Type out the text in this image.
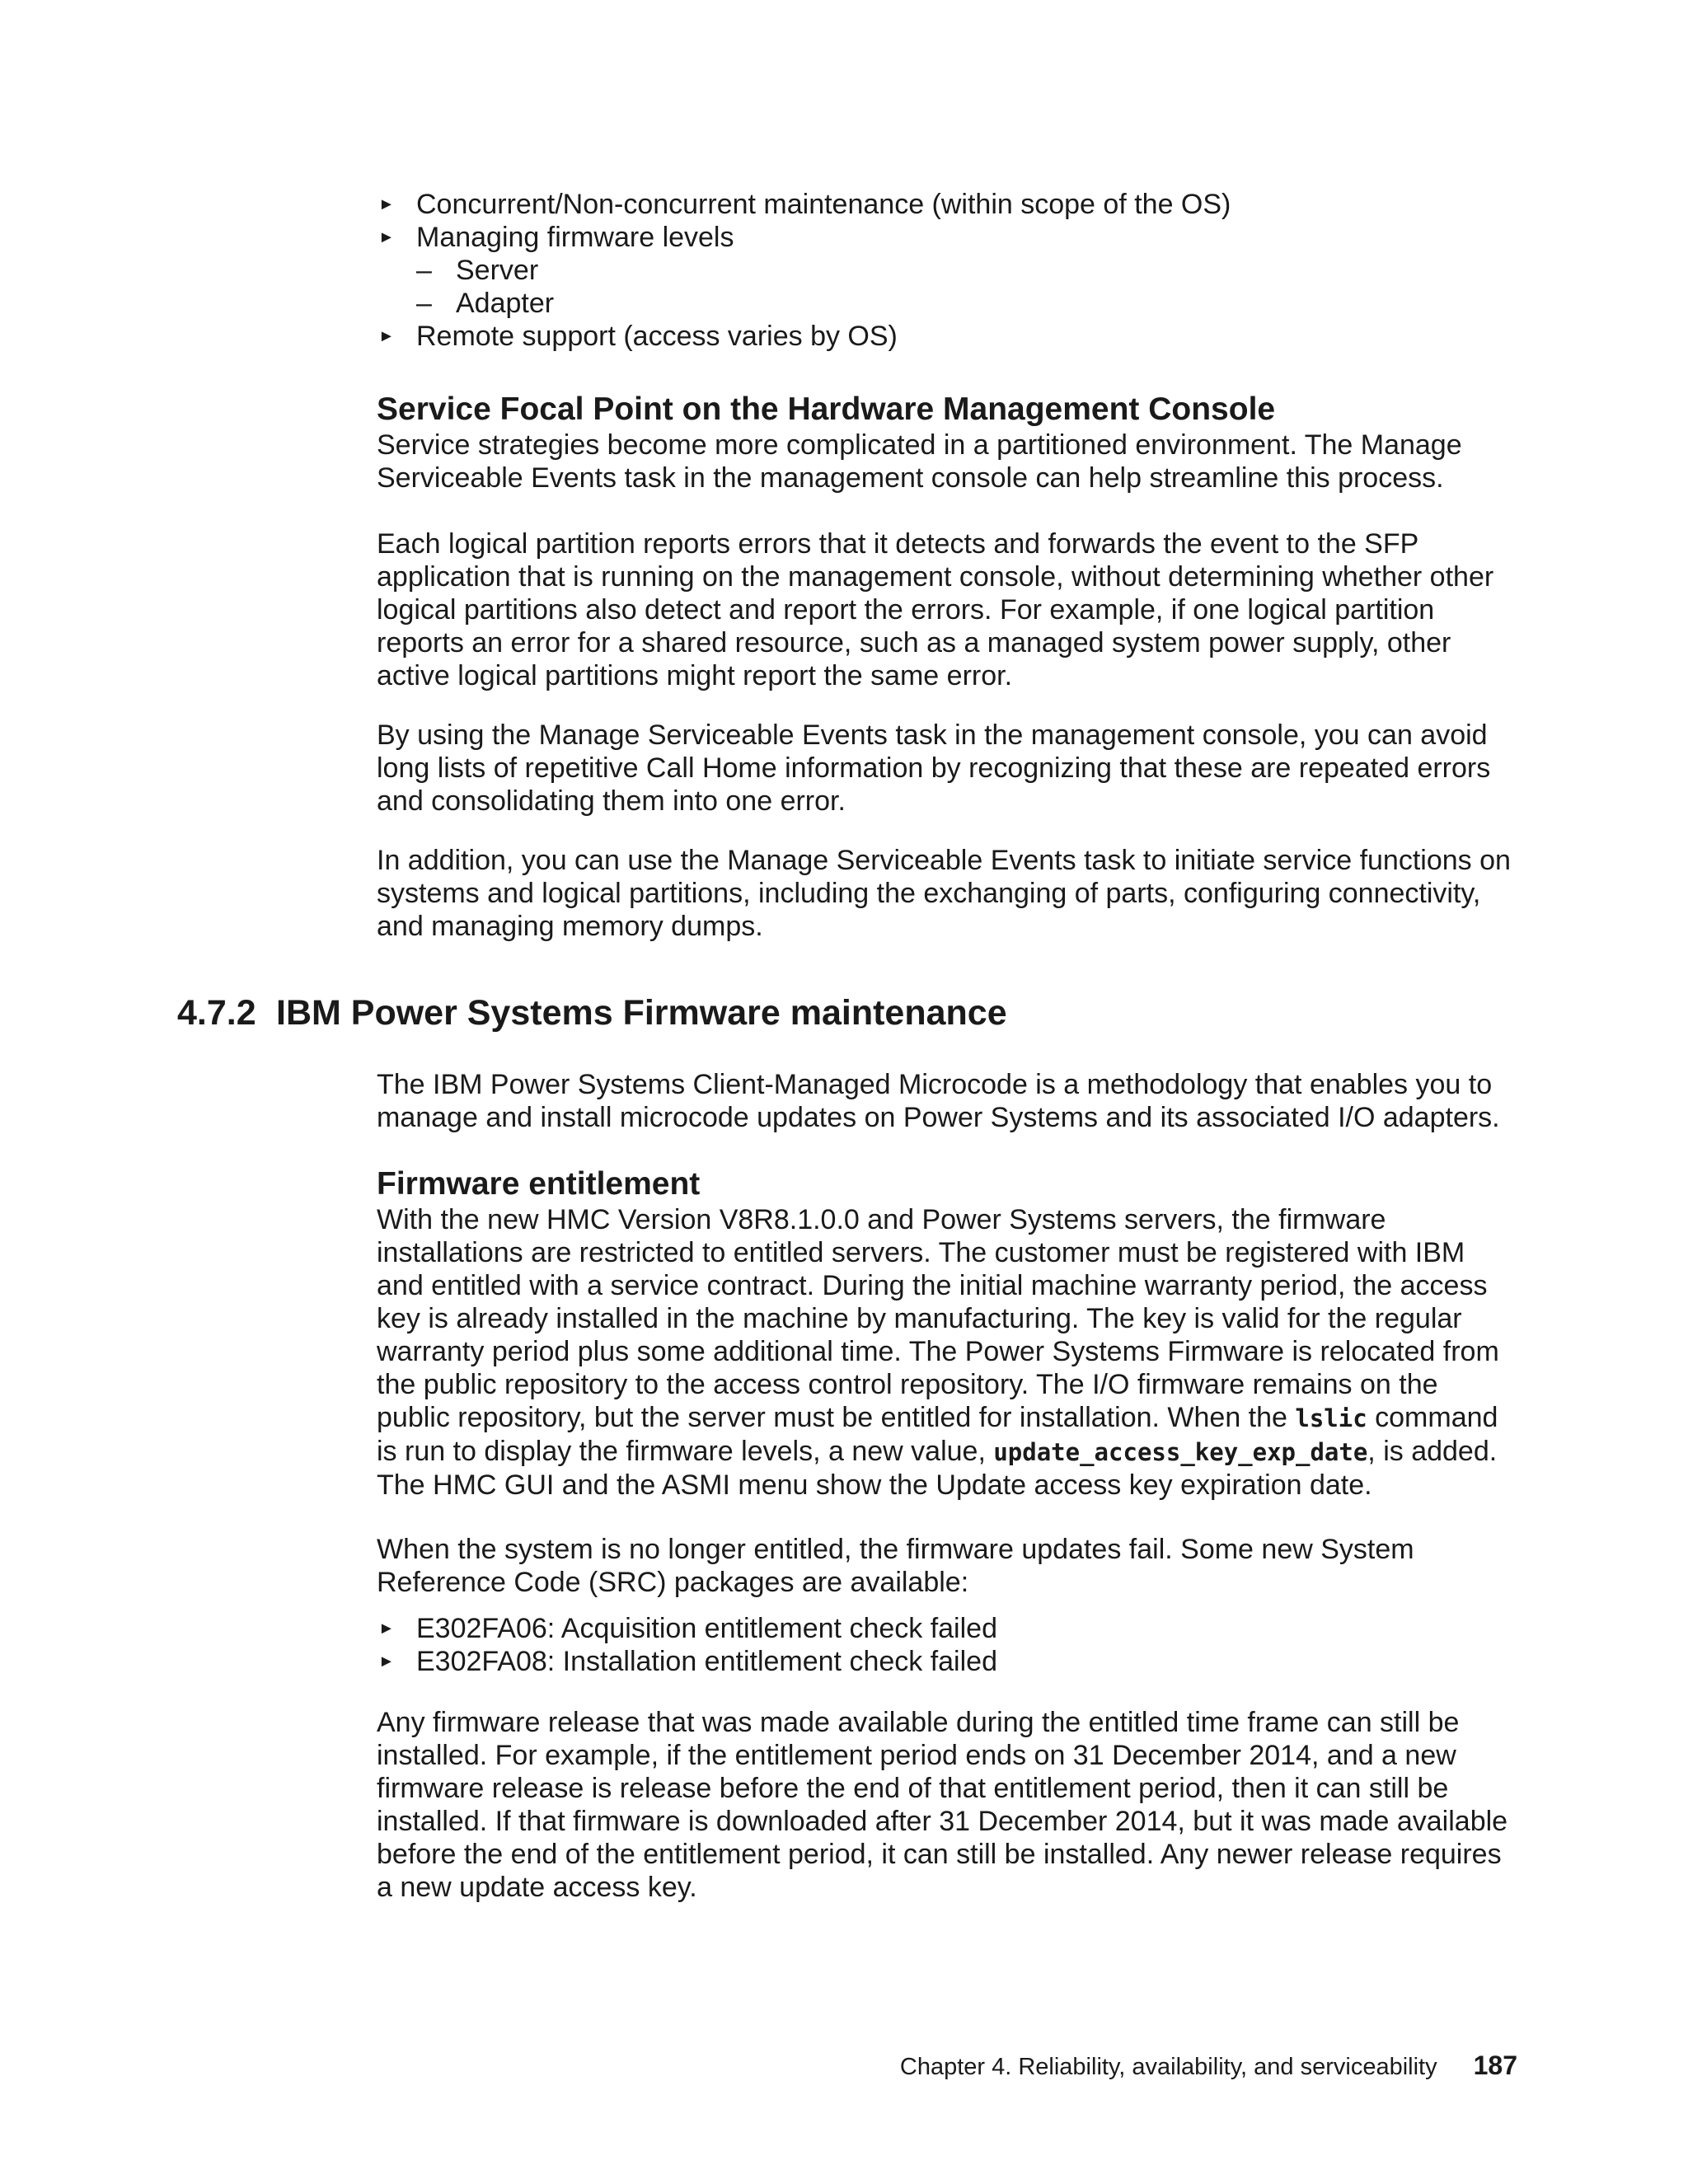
► Concurrent/Non-concurrent maintenance (within scope of the OS)
► Managing firmware levels
– Server
– Adapter
► Remote support (access varies by OS)
Service Focal Point on the Hardware Management Console

Service strategies become more complicated in a partitioned environment. The Manage Serviceable Events task in the management console can help streamline this process.

Each logical partition reports errors that it detects and forwards the event to the SFP application that is running on the management console, without determining whether other logical partitions also detect and report the errors. For example, if one logical partition reports an error for a shared resource, such as a managed system power supply, other active logical partitions might report the same error.

By using the Manage Serviceable Events task in the management console, you can avoid long lists of repetitive Call Home information by recognizing that these are repeated errors and consolidating them into one error.

In addition, you can use the Manage Serviceable Events task to initiate service functions on systems and logical partitions, including the exchanging of parts, configuring connectivity, and managing memory dumps.

4.7.2 IBM Power Systems Firmware maintenance

The IBM Power Systems Client-Managed Microcode is a methodology that enables you to manage and install microcode updates on Power Systems and its associated I/O adapters.

Firmware entitlement

With the new HMC Version V8R8.1.0.0 and Power Systems servers, the firmware installations are restricted to entitled servers. The customer must be registered with IBM and entitled with a service contract. During the initial machine warranty period, the access key is already installed in the machine by manufacturing. The key is valid for the regular warranty period plus some additional time. The Power Systems Firmware is relocated from the public repository to the access control repository. The I/O firmware remains on the public repository, but the server must be entitled for installation. When the lslic command is run to display the firmware levels, a new value, update_access_key_exp_date, is added. The HMC GUI and the ASMI menu show the Update access key expiration date.

When the system is no longer entitled, the firmware updates fail. Some new System Reference Code (SRC) packages are available:

► E302FA06: Acquisition entitlement check failed
► E302FA08: Installation entitlement check failed

Any firmware release that was made available during the entitled time frame can still be installed. For example, if the entitlement period ends on 31 December 2014, and a new firmware release is release before the end of that entitlement period, then it can still be installed. If that firmware is downloaded after 31 December 2014, but it was made available before the end of the entitlement period, it can still be installed. Any newer release requires a new update access key.

Chapter 4. Reliability, availability, and serviceability 187
